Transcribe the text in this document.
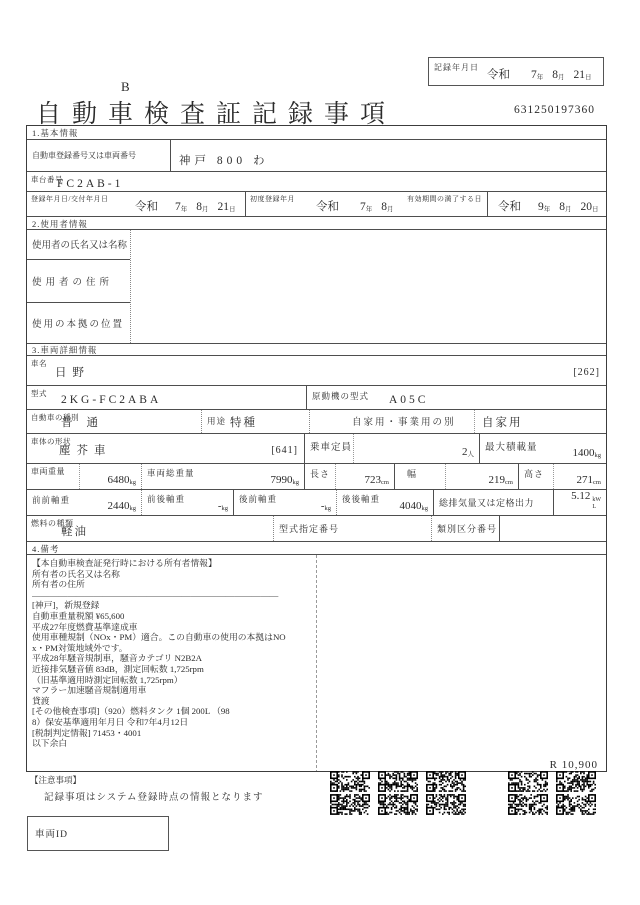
B
記録年月日
令和 7年 8月 21日
自動車検査証記録事項	631250197360
1.基本情報
自動車登録番号又は車両番号	神戸 800 わ
車台番号
FC2AB-1
登録年月日/交付年月日
令和 7年 8月 21日
初度登録年月
令和 7年 8月
有効期間の満了する日
令和 9年 8月 20日
2.使用者情報
使用者の氏名又は名称
使用者の住所
使用の本拠の位置
3.車両詳細情報
車名
日野	[262]
型式
2KG-FC2ABA	原動機の型式 A05C
自動車の種別
普通	用途 特種	自家用・事業用の別 自家用
車体の形状
塵芥車	[641] 乗車定員	2人
最大積載量	1400kg
車両重量
6480kg
車両総重量
7990kg
長さ	723cm
幅	219cm
高さ	271cm
前前軸重	2440kg
前後軸重
-kg
後前軸重
-kg
後後軸重
4040kg
総排気量又は定格出力
5.12 kW
L
燃料の種類
軽油	型式指定番号	類別区分番号
4.備考
【本自動車検査証発行時における所有者情報】
所有者の氏名又は名称
所有者の住所
————————————————————————————
[神戸]，新規登録
自動車重量税額 ¥65,600
平成27年度燃費基準達成車
使用車種規制（NOx・PM）適合。この自動車の使用の本拠はNO
x・PM対策地域外です。
平成28年騒音規制車，騒音カテゴリ N2B2A
近接排気騒音値 83dB，測定回転数 1,725rpm
（旧基準適用時測定回転数 1,725rpm）
マフラー加速騒音規制適用車
貸渡
[その他検査事項]（920）燃料タンク 1個 200L （98
8）保安基準適用年月日 令和7年4月12日
[税制判定情報] 71453・4001
以下余白
R 10,900
【注意事項】
記録事項はシステム登録時点の情報となります
車両ID
